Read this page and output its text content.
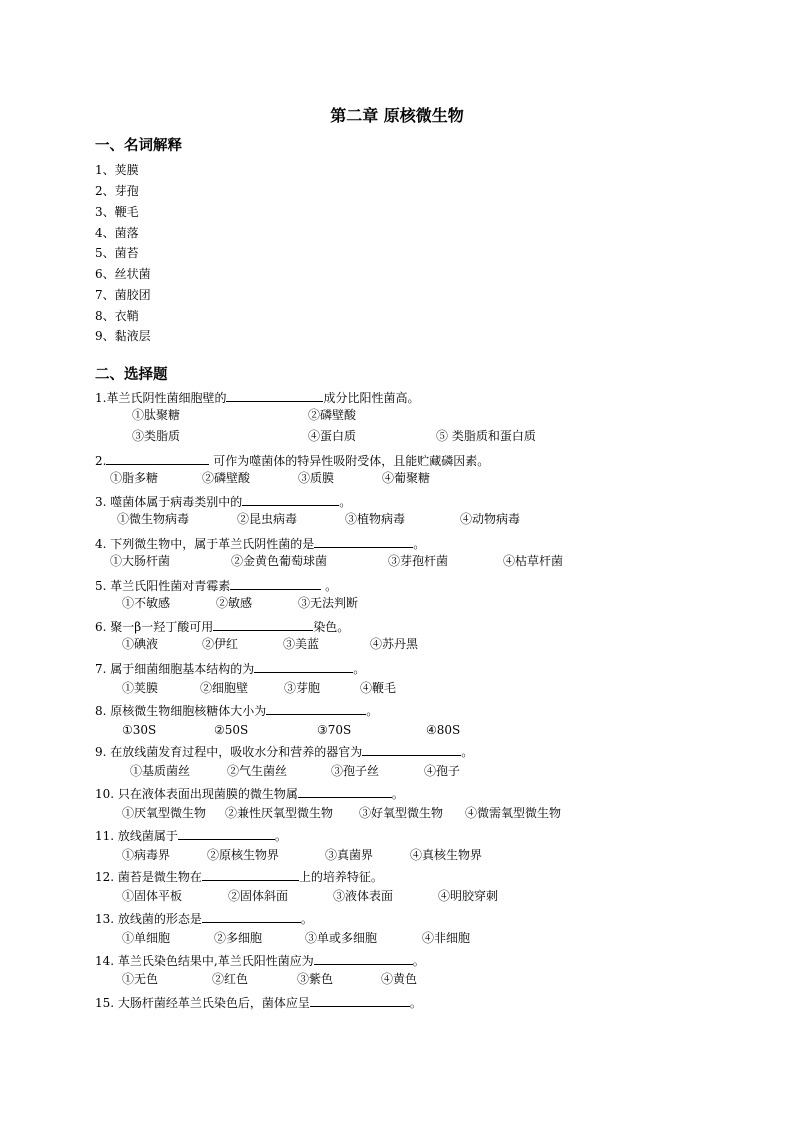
第二章 原核微生物
一、名词解释
1、荚膜
2、芽孢
3、鞭毛
4、菌落
5、菌苔
6、丝状菌
7、菌胶团
8、衣鞘
9、黏液层
二、选择题
1.革兰氏阴性菌细胞壁的	成分比阳性菌高。
①肽聚糖	②磷壁酸
③类脂质	④蛋白质	⑤ 类脂质和蛋白质
2.	可作为噬菌体的特异性吸附受体，且能贮藏磷因素。
①脂多糖	②磷壁酸	③质膜	④葡聚糖
3. 噬菌体属于病毒类别中的	。
①微生物病毒	②昆虫病毒	③植物病毒	④动物病毒
4. 下列微生物中，属于革兰氏阴性菌的是	。
①大肠杆菌	②金黄色葡萄球菌	③芽孢杆菌	④枯草杆菌
5. 革兰氏阳性菌对青霉素	。
①不敏感	②敏感	③无法判断
6. 聚一β一羟丁酸可用	染色。
①碘液	②伊红	③美蓝	④苏丹黑
7. 属于细菌细胞基本结构的为	。
①荚膜	②细胞壁	③芽胞	④鞭毛
8. 原核微生物细胞核糖体大小为	。
①30S	②50S	③70S	④80S
9. 在放线菌发育过程中，吸收水分和营养的器官为	。
①基质菌丝	②气生菌丝	③孢子丝	④孢子
10. 只在液体表面出现菌膜的微生物属	。
①厌氧型微生物 ②兼性厌氧型微生物 ③好氧型微生物 ④微需氧型微生物
11. 放线菌属于	。
①病毒界	②原核生物界	③真菌界	④真核生物界
12. 菌苔是微生物在	上的培养特征。
①固体平板	②固体斜面	③液体表面	④明胶穿刺
13. 放线菌的形态是	。
①单细胞	②多细胞	③单或多细胞	④非细胞
14. 革兰氏染色结果中,革兰氏阳性菌应为	。
①无色	②红色	③紫色	④黄色
15. 大肠杆菌经革兰氏染色后，菌体应呈	。
